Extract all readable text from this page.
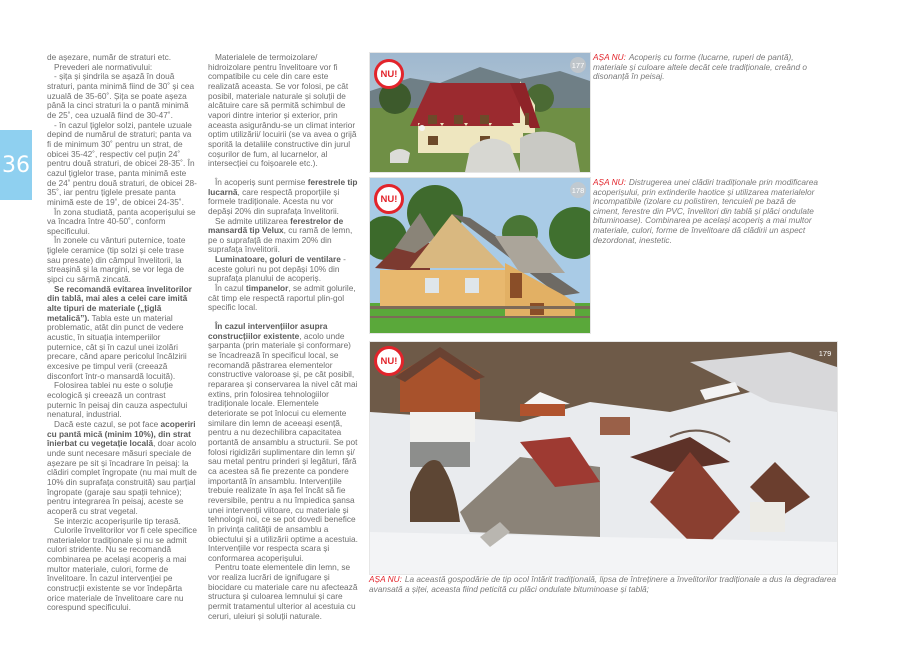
36

de așezare, număr de straturi etc.

Prevederi ale normativului:

- șița și șindrila se așază în două straturi, panta minimă fiind de 30˚ și cea uzuală de 35-60˚. Șița se poate așeza până la cinci straturi la o pantă minimă de 25˚, cea uzuală fiind de 30-47˚.

- în cazul țiglelor solzi, pantele uzuale depind de numărul de straturi; panta va fi de minimum 30˚ pentru un strat, de obicei 35-42˚, respectiv cel puțin 24˚ pentru două straturi, de obicei 28-35˚. În cazul țiglelor trase, panta minimă este de 24˚ pentru două straturi, de obicei 28-35˚, iar pentru țiglele presate panta minimă este de 19˚, de obicei 24-35˚.

În zona studiată, panta acoperișului se va încadra între 40-50˚, conform specificului.

În zonele cu vânturi puternice, toate țiglele ceramice (tip solzi și cele trase sau presate) din câmpul învelitorii, la streașină și la margini, se vor lega de șipci cu sârmă zincată.

Se recomandă evitarea învelitorilor din tablă, mai ales a celei care imită alte tipuri de materiale („țiglă metalică”). Tabla este un material problematic, atât din punct de vedere acustic, în situația intemperiilor puternice, cât și în cazul unei izolări precare, când apare pericolul încălzirii excesive pe timpul verii (creează disconfort într-o mansardă locuită).

Folosirea tablei nu este o soluție ecologică și creează un contrast puternic în peisaj din cauza aspectului nenatural, industrial.

Dacă este cazul, se pot face acoperiri cu pantă mică (minim 10%), din strat înierbat cu vegetație locală, doar acolo unde sunt necesare măsuri speciale de așezare pe sit și încadrare în peisaj: la clădiri complet îngropate (nu mai mult de 10% din suprafața construită) sau parțial îngropate (garaje sau spații tehnice); pentru integrarea în peisaj, aceste se acoperă cu strat vegetal.

Se interzic acoperișurile tip terasă.

Culorile învelitorilor vor fi cele specifice materialelor tradiționale și nu se admit culori stridente. Nu se recomandă combinarea pe același acoperiș a mai multor materiale, culori, forme de învelitoare. În cazul intervenției pe construcții existente se vor îndepărta orice materiale de învelitoare care nu corespund specificului.

Materialele de termoizolare/ hidroizolare pentru învelitoare vor fi compatibile cu cele din care este realizată aceasta. Se vor folosi, pe cât posibil, materiale naturale și soluții de alcătuire care să permită schimbul de vapori dintre interior și exterior, prin aceasta asigurându-se un climat interior optim utilizării/ locuirii (se va avea o grijă sporită la detaliile constructive din jurul coșurilor de fum, al lucarnelor, al intersecției cu foișoarele etc.).

În acoperiș sunt permise ferestrele tip lucarnă, care respectă proporțiile și formele tradiționale. Acesta nu vor depăși 20% din suprafața învelitorii.

Se admite utilizarea ferestrelor de mansardă tip Velux, cu ramă de lemn, pe o suprafață de maxim 20% din suprafața învelitorii.

Luminatoare, goluri de ventilare - aceste goluri nu pot depăși 10% din suprafața planului de acoperiș.

În cazul timpanelor, se admit golurile, cât timp ele respectă raportul plin-gol specific local.

În cazul intervențiilor asupra construcțiilor existente, acolo unde șarpanta (prin materiale și conformare) se încadrează în specificul local, se recomandă păstrarea elementelor constructive valoroase și, pe cât posibil, repararea și conservarea la nivel cât mai extins, prin folosirea tehnologiilor tradiționale locale. Elementele deteriorate se pot înlocui cu elemente similare din lemn de aceeași esență, pentru a nu dezechilibra capacitatea portantă de ansamblu a structurii. Se pot folosi rigidizări suplimentare din lemn și/ sau metal pentru prinderi și legături, fără ca acestea să fie prezente ca pondere importantă în ansamblu. Intervențiile trebuie realizate în așa fel încât să fie reversibile, pentru a nu împiedica șansa unei intervenții viitoare, cu materiale și tehnologii noi, ce se pot dovedi benefice în privința calității de ansamblu a obiectului și a utilizării optime a acestuia. Intervențiile vor respecta scara și conformarea acoperișului.

Pentru toate elementele din lemn, se vor realiza lucrări de ignifugare și biocidare cu materiale care nu afectează structura și culoarea lemnului și care permit tratamentul ulterior al acestuia cu ceruri, uleiuri și soluții naturale.

NU!
177
AȘA NU: Acoperiș cu forme (lucarne, ruperi de pantă), materiale și culoare altele decât cele tradiționale, creând o disonanță în peisaj.
NU!
178
AȘA NU: Distrugerea unei clădiri tradiționale prin modificarea acoperișului, prin extinderile haotice și utilizarea materialelor incompatibile (izolare cu polistiren, tencuieli pe bază de ciment, ferestre din PVC, învelitori din tablă și plăci ondulate bituminoase). Combinarea pe același acoperiș a mai multor materiale, culori, forme de învelitoare dă clădirii un aspect dezordonat, inestetic.
NU!
179
AȘA NU: La această gospodărie de tip ocol întărit tradițională, lipsa de întreținere a învelitorilor tradiționale a dus la degradarea avansată a șiței, aceasta fiind peticită cu plăci ondulate bituminoase și tablă;
